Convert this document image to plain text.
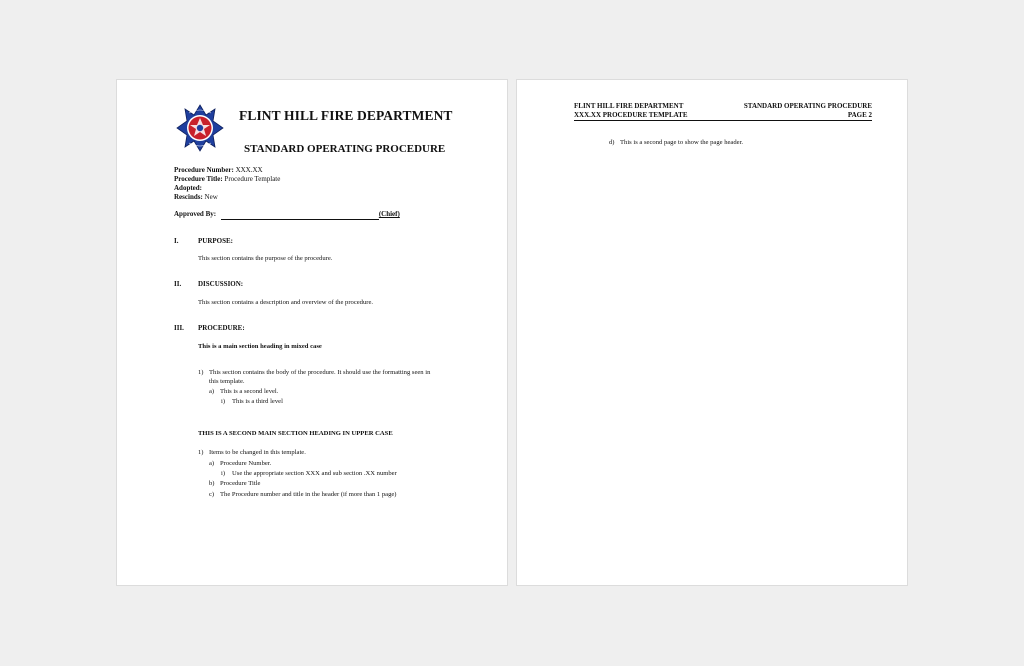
FLINT HILL FIRE DEPARTMENT
STANDARD OPERATING PROCEDURE
Procedure Number: XXX.XX
Procedure Title: Procedure Template
Adopted:
Rescinds: New
Approved By:	(Chief)
I.	PURPOSE:
This section contains the purpose of the procedure.
II. DISCUSSION:
This section contains a description and overview of the procedure.
III. PROCEDURE:
This is a main section heading in mixed case
1) This section contains the body of the procedure. It should use the formatting seen in
this template.
a) This is a second level.
i) This is a third level
THIS IS A SECOND MAIN SECTION HEADING IN UPPER CASE
1) Items to be changed in this template.
a) Procedure Number.
i) Use the appropriate section XXX and sub section .XX number
b) Procedure Title
c) The Procedure number and title in the header (if more than 1 page)
FLINT HILL FIRE DEPARTMENT
XXX.XX PROCEDURE TEMPLATE
STANDARD OPERATING PROCEDURE
PAGE 2
d) This is a second page to show the page header.
